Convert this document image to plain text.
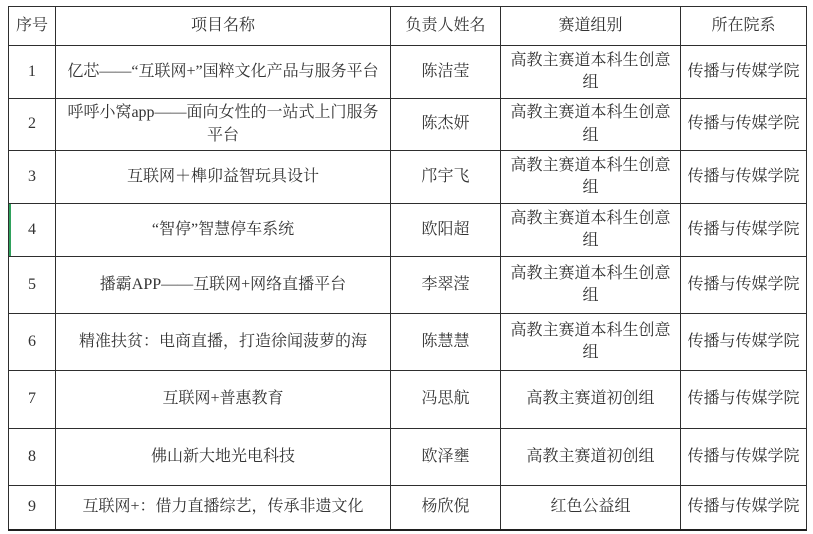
序号	项目名称	负责人姓名	赛道组别	所在院系
1	亿芯——“互联网+”国粹文化产品与服务平台	陈洁莹	高教主赛道本科生创意组	传播与传媒学院
2	呼呼小窝app——面向女性的一站式上门服务平台	陈杰妍	高教主赛道本科生创意组	传播与传媒学院
3	互联网＋榫卯益智玩具设计	邝宇飞	高教主赛道本科生创意组	传播与传媒学院
4	“智停”智慧停车系统	欧阳超	高教主赛道本科生创意组	传播与传媒学院
5	播霸APP——互联网+网络直播平台	李翠滢	高教主赛道本科生创意组	传播与传媒学院
6	精准扶贫：电商直播，打造徐闻菠萝的海	陈慧慧	高教主赛道本科生创意组	传播与传媒学院
7	互联网+普惠教育	冯思航	高教主赛道初创组	传播与传媒学院
8	佛山新大地光电科技	欧泽壅	高教主赛道初创组	传播与传媒学院
9	互联网+：借力直播综艺，传承非遗文化	杨欣倪	红色公益组	传播与传媒学院
